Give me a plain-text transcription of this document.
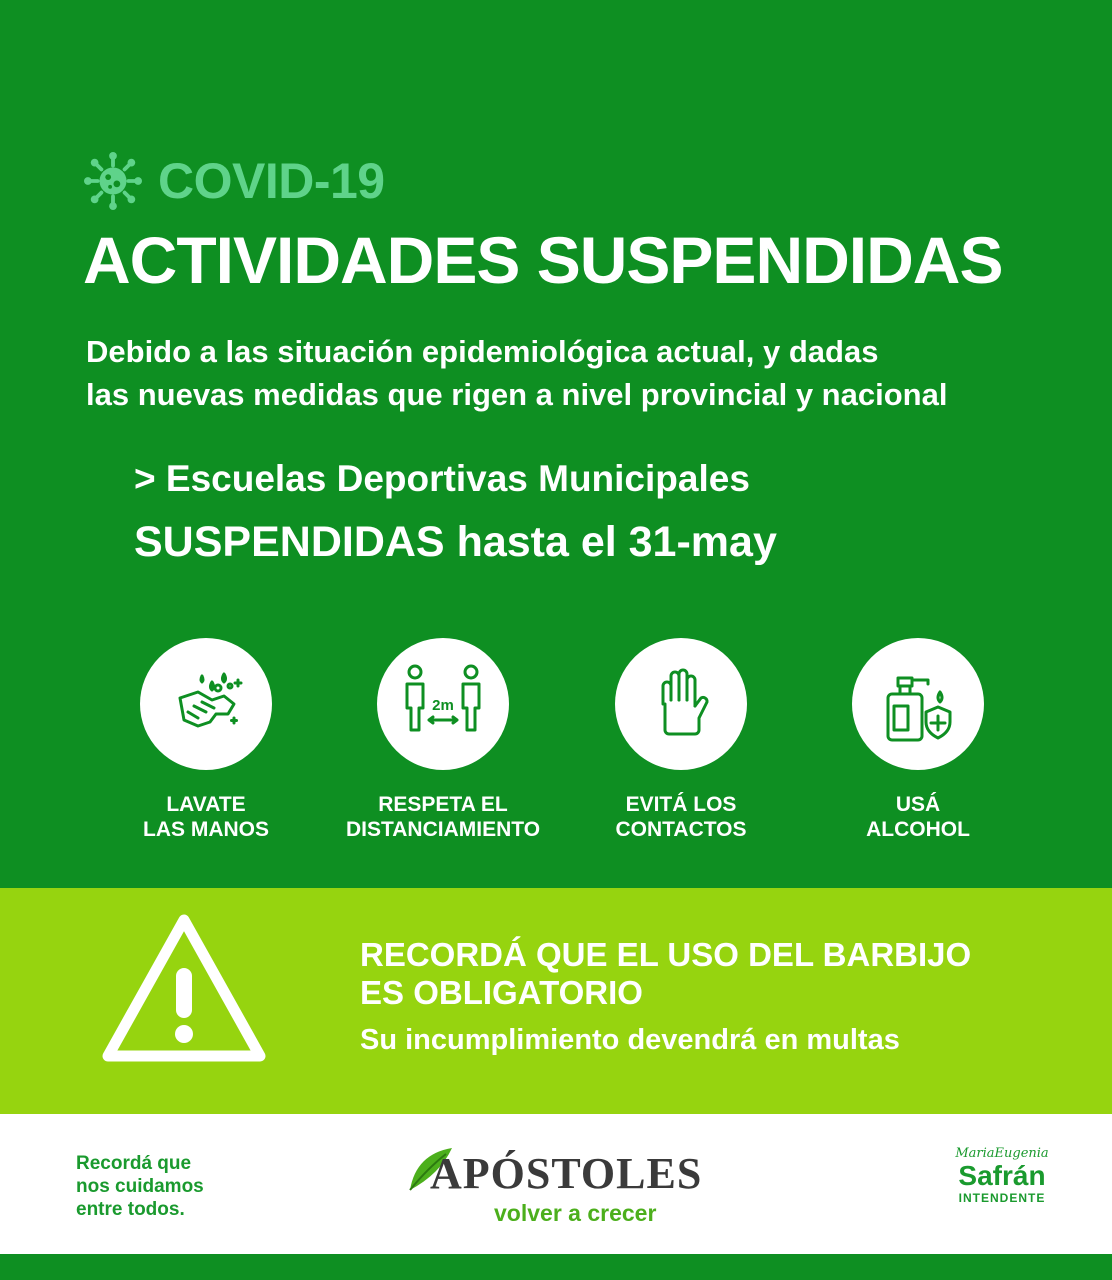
COVID-19
ACTIVIDADES SUSPENDIDAS
Debido a las situación epidemiológica actual, y dadas
las nuevas medidas que rigen a nivel provincial y nacional
> Escuelas Deportivas Municipales
SUSPENDIDAS hasta el 31-may
LAVATE
LAS MANOS
2m
RESPETA EL
DISTANCIAMIENTO
EVITÁ LOS
CONTACTOS
USÁ
ALCOHOL
RECORDÁ QUE EL USO DEL BARBIJO
ES OBLIGATORIO
Su incumplimiento devendrá en multas
Recordá que
nos cuidamos
entre todos.
APÓSTOLES
volver a crecer
MariaEugenia
Safrán
INTENDENTE
